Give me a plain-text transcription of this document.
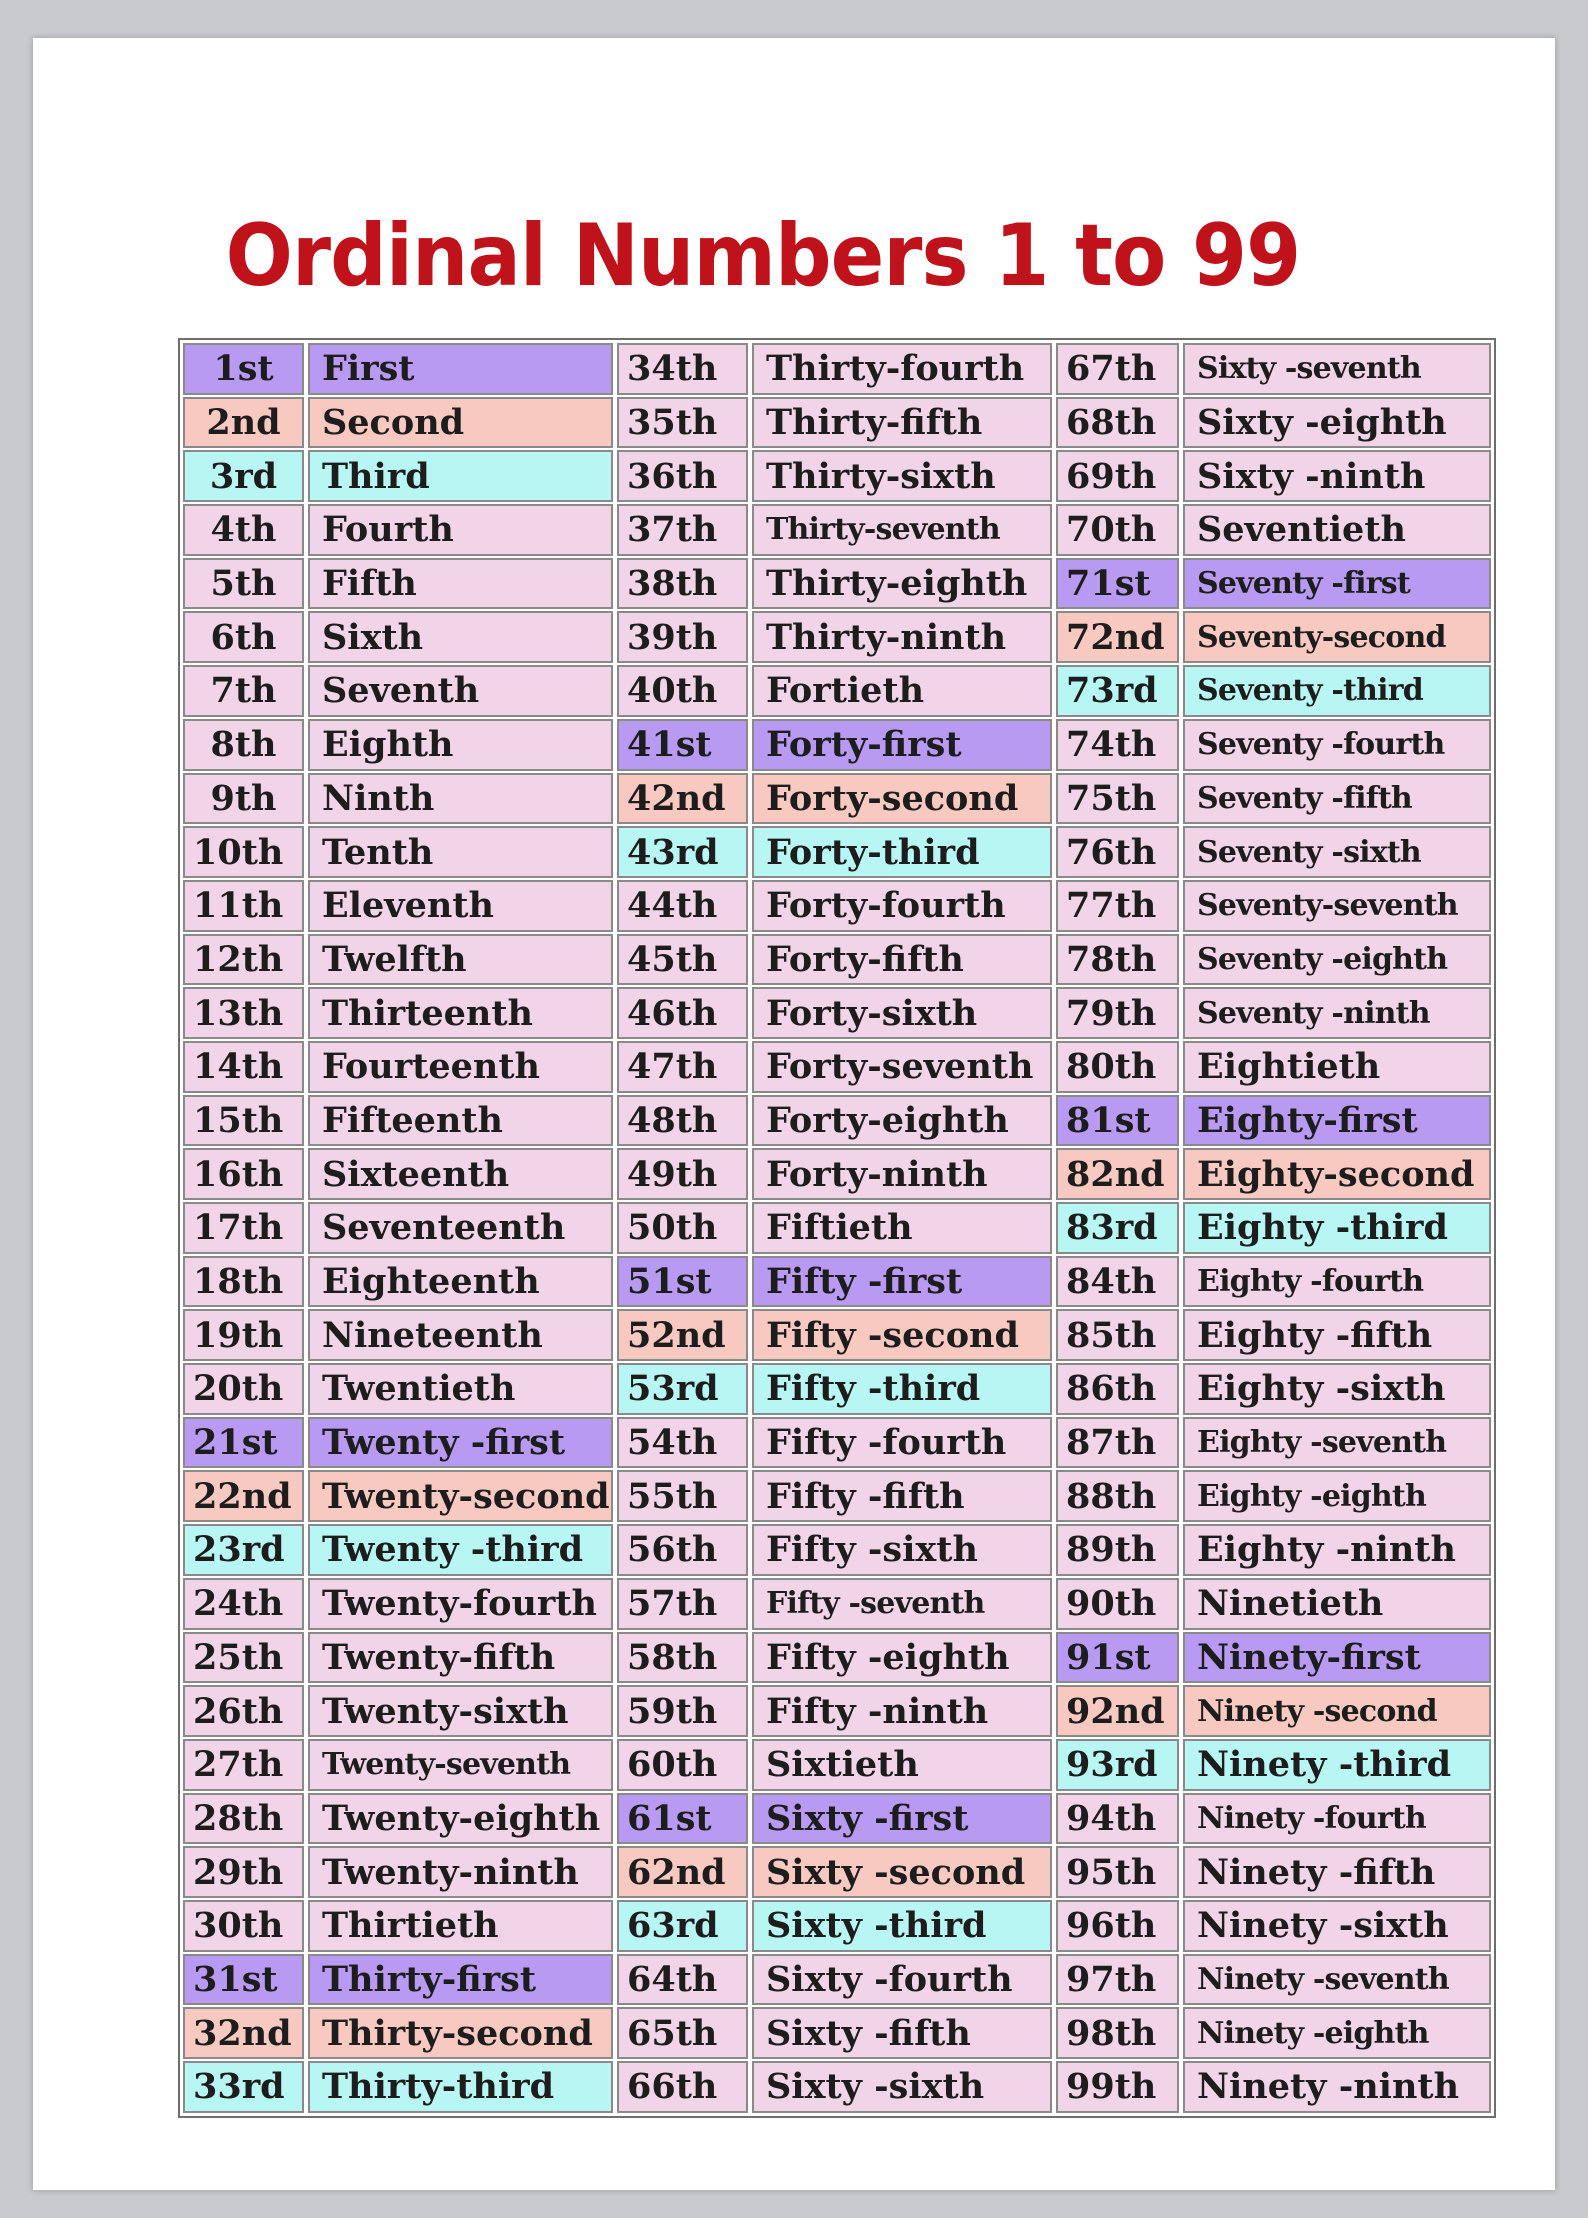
Ordinal Numbers 1 to 99
1st	First	34th	Thirty-fourth	67th	Sixty -seventh
2nd	Second	35th	Thirty-fifth	68th	Sixty -eighth
3rd	Third	36th	Thirty-sixth	69th	Sixty -ninth
4th	Fourth	37th	Thirty-seventh	70th	Seventieth
5th	Fifth	38th	Thirty-eighth	71st	Seventy -first
6th	Sixth	39th	Thirty-ninth	72nd	Seventy-second
7th	Seventh	40th	Fortieth	73rd	Seventy -third
8th	Eighth	41st	Forty-first	74th	Seventy -fourth
9th	Ninth	42nd	Forty-second	75th	Seventy -fifth
10th	Tenth	43rd	Forty-third	76th	Seventy -sixth
11th	Eleventh	44th	Forty-fourth	77th	Seventy-seventh
12th	Twelfth	45th	Forty-fifth	78th	Seventy -eighth
13th	Thirteenth	46th	Forty-sixth	79th	Seventy -ninth
14th	Fourteenth	47th	Forty-seventh 80th	Eightieth
15th	Fifteenth	48th	Forty-eighth	81st	Eighty-first
16th	Sixteenth	49th	Forty-ninth	82nd Eighty-second
17th	Seventeenth	50th	Fiftieth	83rd	Eighty -third
18th	Eighteenth	51st	Fifty -first	84th	Eighty -fourth
19th	Nineteenth	52nd	Fifty -second	85th	Eighty -fifth
20th	Twentieth	53rd	Fifty -third	86th	Eighty -sixth
21st	Twenty -first	54th	Fifty -fourth	87th	Eighty -seventh
22nd Twenty-second 55th	Fifty -fifth	88th	Eighty -eighth
23rd	Twenty -third	56th	Fifty -sixth	89th	Eighty -ninth
24th	Twenty-fourth 57th	Fifty -seventh	90th	Ninetieth
25th	Twenty-fifth	58th	Fifty -eighth	91st	Ninety-first
26th	Twenty-sixth	59th	Fifty -ninth	92nd	Ninety -second
27th	Twenty-seventh	60th	Sixtieth	93rd	Ninety -third
28th	Twenty-eighth 61st	Sixty -first	94th	Ninety -fourth
29th	Twenty-ninth	62nd	Sixty -second	95th	Ninety -fifth
30th	Thirtieth	63rd	Sixty -third	96th	Ninety -sixth
31st	Thirty-first	64th	Sixty -fourth	97th	Ninety -seventh
32nd Thirty-second 65th	Sixty -fifth	98th	Ninety -eighth
33rd	Thirty-third	66th	Sixty -sixth	99th	Ninety -ninth
